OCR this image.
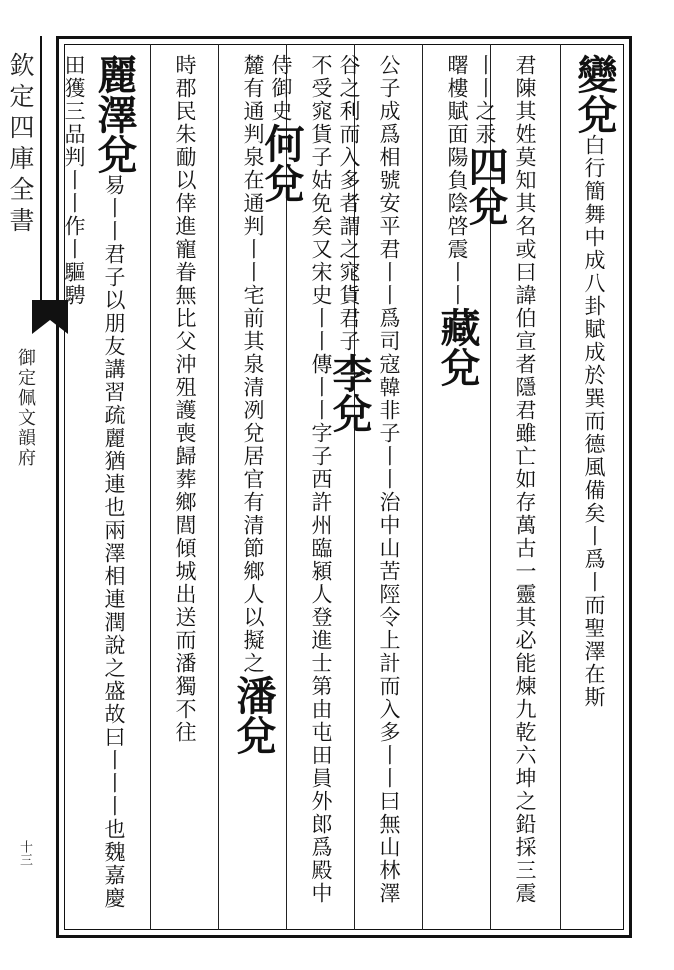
欽定四庫全書
御定佩文韻府
十三
變兌白行簡舞中成八卦賦成於巽而德風備矣丨爲丨而聖澤在斯
君陳其姓莫知其名或曰諱伯宣者隱君雖亡如存萬古一靈其必能煉九乾六坤之鉛採三震丨丨之汞四兌
曙樓賦面陽負陰啓震丨丨藏兌
公子成爲相號安平君丨丨爲司寇韓非子丨丨治中山苦陘令上計而入多丨丨曰無山林澤谷之利而入多者謂之窕貨君子李兌
不受窕貨子姑免矣又宋史丨丨傳丨丨字子西許州臨潁人登進士第由屯田員外郎爲殿中侍御史何兌
麓有通判泉在通判丨丨宅前其泉清冽兌居官有清節鄉人以擬之潘兌
時郡民朱勔以倖進寵眷無比父沖殂護喪歸葬鄉閭傾城出送而潘獨不往
麗澤兌易丨丨君子以朋友講習疏麗猶連也兩澤相連潤說之盛故曰丨丨丨也魏嘉慶田獲三品判丨丨作丨驅騁
